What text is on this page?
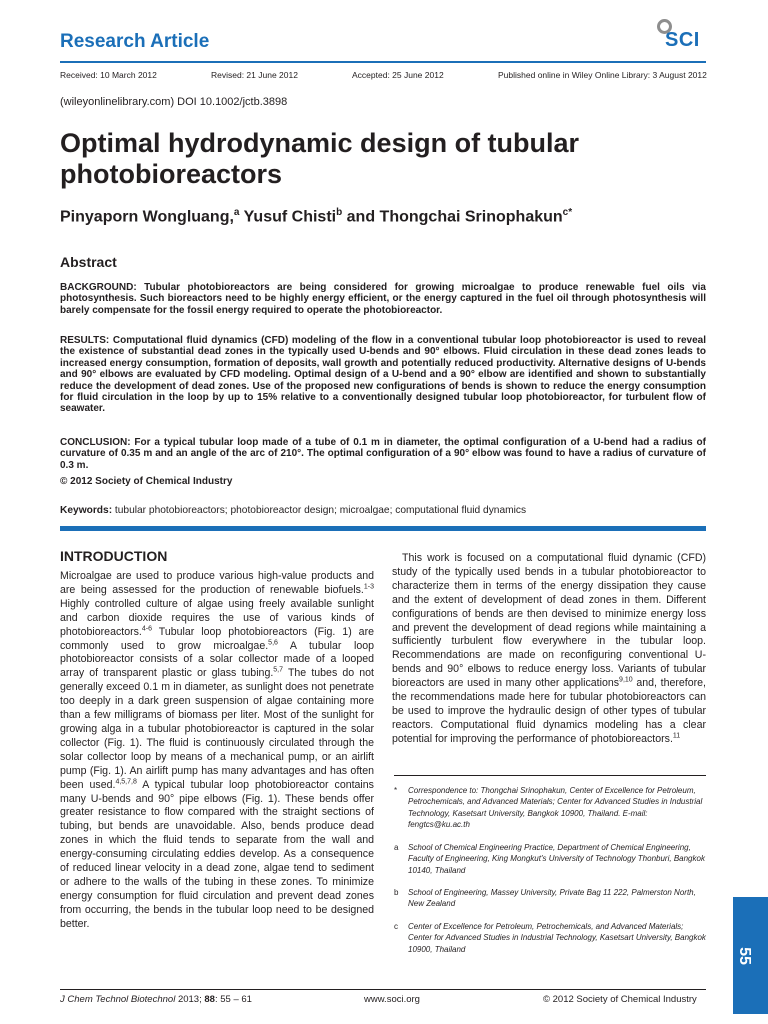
Research Article	SCI
Received: 10 March 2012	Revised: 21 June 2012	Accepted: 25 June 2012	Published online in Wiley Online Library: 3 August 2012
(wileyonlinelibrary.com) DOI 10.1002/jctb.3898
Optimal hydrodynamic design of tubular photobioreactors
Pinyaporn Wongluang,$^a$ Yusuf Chisti$^b$ and Thongchai Srinophakun$^{c*}$
Abstract
BACKGROUND: Tubular photobioreactors are being considered for growing microalgae to produce renewable fuel oils via photosynthesis. Such bioreactors need to be highly energy efficient, or the energy captured in the fuel oil through photosynthesis will barely compensate for the fossil energy required to operate the photobioreactor.
RESULTS: Computational fluid dynamics (CFD) modeling of the flow in a conventional tubular loop photobioreactor is used to reveal the existence of substantial dead zones in the typically used U-bends and 90° elbows. Fluid circulation in these dead zones leads to increased energy consumption, formation of deposits, wall growth and potentially reduced productivity. Alternative designs of U-bends and 90° elbows are evaluated by CFD modeling. Optimal design of a U-bend and a 90° elbow are identified and shown to substantially reduce the development of dead zones. Use of the proposed new configurations of bends is shown to reduce the energy consumption for fluid circulation in the loop by up to 15% relative to a conventionally designed tubular loop photobioreactor, for turbulent flow of seawater.
CONCLUSION: For a typical tubular loop made of a tube of 0.1 m in diameter, the optimal configuration of a U-bend had a radius of curvature of 0.35 m and an angle of the arc of 210°. The optimal configuration of a 90° elbow was found to have a radius of curvature of 0.3 m.
© 2012 Society of Chemical Industry
Keywords: tubular photobioreactors; photobioreactor design; microalgae; computational fluid dynamics
INTRODUCTION
Microalgae are used to produce various high-value products and are being assessed for the production of renewable biofuels.$^{1-3}$ Highly controlled culture of algae using freely available sunlight and carbon dioxide requires the use of various kinds of photobioreactors.$^{4-6}$ Tubular loop photobioreactors (Fig. 1) are commonly used to grow microalgae.$^{5,6}$ A tubular loop photobioreactor consists of a solar collector made of a looped array of transparent plastic or glass tubing.$^{5,7}$ The tubes do not generally exceed 0.1 m in diameter, as sunlight does not penetrate too deeply in a dark green suspension of algae containing more than a few milligrams of biomass per liter. Most of the sunlight for growing alga in a tubular photobioreactor is captured in the solar collector (Fig. 1). The fluid is continuously circulated through the solar collector loop by means of a mechanical pump, or an airlift pump (Fig. 1). An airlift pump has many advantages and has often been used.$^{4,5,7,8}$ A typical tubular loop photobioreactor contains many U-bends and 90° pipe elbows (Fig. 1). These bends offer greater resistance to flow compared with the straight sections of tubing, but bends are unavoidable. Also, bends produce dead zones in which the fluid tends to separate from the wall and energy-consuming circulating eddies develop. As a consequence of reduced linear velocity in a dead zone, algae tend to sediment or adhere to the walls of the tubing in these zones. To minimize energy consumption for fluid circulation and prevent dead zones from occurring, the bends in the tubular loop need to be designed better.
This work is focused on a computational fluid dynamic (CFD) study of the typically used bends in a tubular photobioreactor to characterize them in terms of the energy dissipation they cause and the extent of development of dead zones in them. Different configurations of bends are then devised to minimize energy loss and prevent the development of dead regions while maintaining a sufficiently turbulent flow everywhere in the tubular loop. Recommendations are made on reconfiguring conventional U-bends and 90° elbows to reduce energy loss. Variants of tubular bioreactors are used in many other applications$^{9,10}$ and, therefore, the recommendations made here for tubular photobioreactors can be used to improve the hydraulic design of other types of tubular reactors. Computational fluid dynamics modeling has a clear potential for improving the performance of photobioreactors.$^{11}$
* Correspondence to: Thongchai Srinophakun, Center of Excellence for Petroleum, Petrochemicals, and Advanced Materials; Center for Advanced Studies in Industrial Technology, Kasetsart University, Bangkok 10900, Thailand. E-mail: fengtcs@ku.ac.th
a School of Chemical Engineering Practice, Department of Chemical Engineering, Faculty of Engineering, King Mongkut's University of Technology Thonburi, Bangkok 10140, Thailand
b School of Engineering, Massey University, Private Bag 11 222, Palmerston North, New Zealand
c Center of Excellence for Petroleum, Petrochemicals, and Advanced Materials; Center for Advanced Studies in Industrial Technology, Kasetsart University, Bangkok 10900, Thailand	55
J Chem Technol Biotechnol 2013; 88: 55 – 61	www.soci.org	© 2012 Society of Chemical Industry
